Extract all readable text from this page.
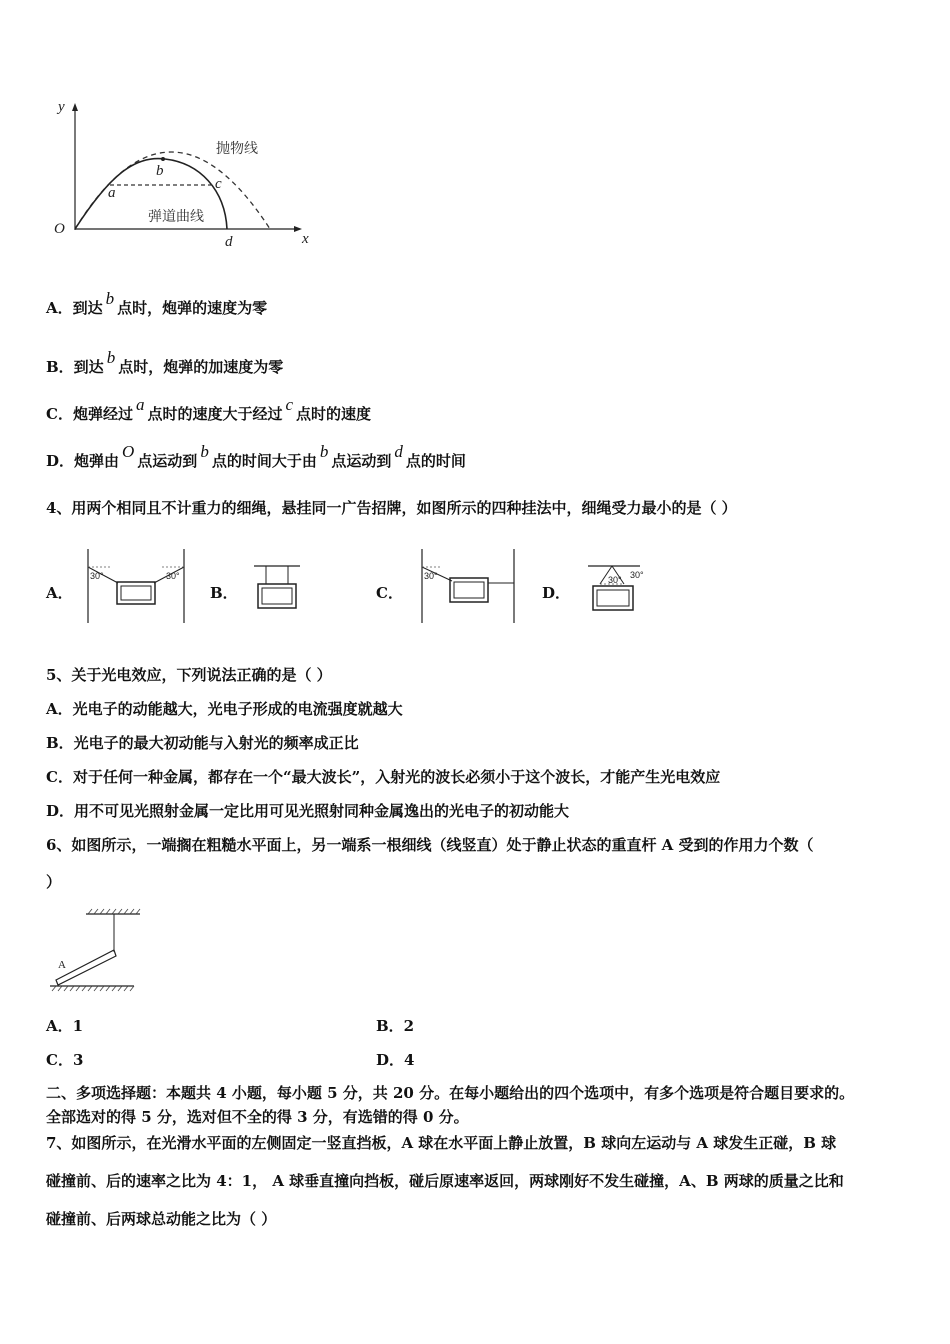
y
x
O
抛物线
弹道曲线
a
b
c
d
A．到达 b 点时，炮弹的速度为零
B．到达 b 点时，炮弹的加速度为零
C．炮弹经过 a 点时的速度大于经过 c 点时的速度
D．炮弹由 O 点运动到 b 点的时间大于由 b 点运动到 d 点的时间
4、用两个相同且不计重力的细绳，悬挂同一广告招牌，如图所示的四种挂法中，细绳受力最小的是（ ）
A．
30°	30°
B．	C．
30°
D．
30° 30°
5、关于光电效应，下列说法正确的是（ ）
A．光电子的动能越大，光电子形成的电流强度就越大
B．光电子的最大初动能与入射光的频率成正比
C．对于任何一种金属，都存在一个“最大波长”，入射光的波长必须小于这个波长，才能产生光电效应
D．用不可见光照射金属一定比用可见光照射同种金属逸出的光电子的初动能大
6、如图所示，一端搁在粗糙水平面上，另一端系一根细线（线竖直）处于静止状态的重直杆 A 受到的作用力个数（
）
A
A．1	B．2
C．3	D．4
二、多项选择题：本题共 4 小题，每小题 5 分，共 20 分。在每小题给出的四个选项中，有多个选项是符合题目要求的。
全部选对的得 5 分，选对但不全的得 3 分，有选错的得 0 分。
7、如图所示，在光滑水平面的左侧固定一竖直挡板，A 球在水平面上静止放置，B 球向左运动与 A 球发生正碰，B 球
碰撞前、后的速率之比为 4：1， A 球垂直撞向挡板，碰后原速率返回，两球刚好不发生碰撞，A、B 两球的质量之比和
碰撞前、后两球总动能之比为（ ）
